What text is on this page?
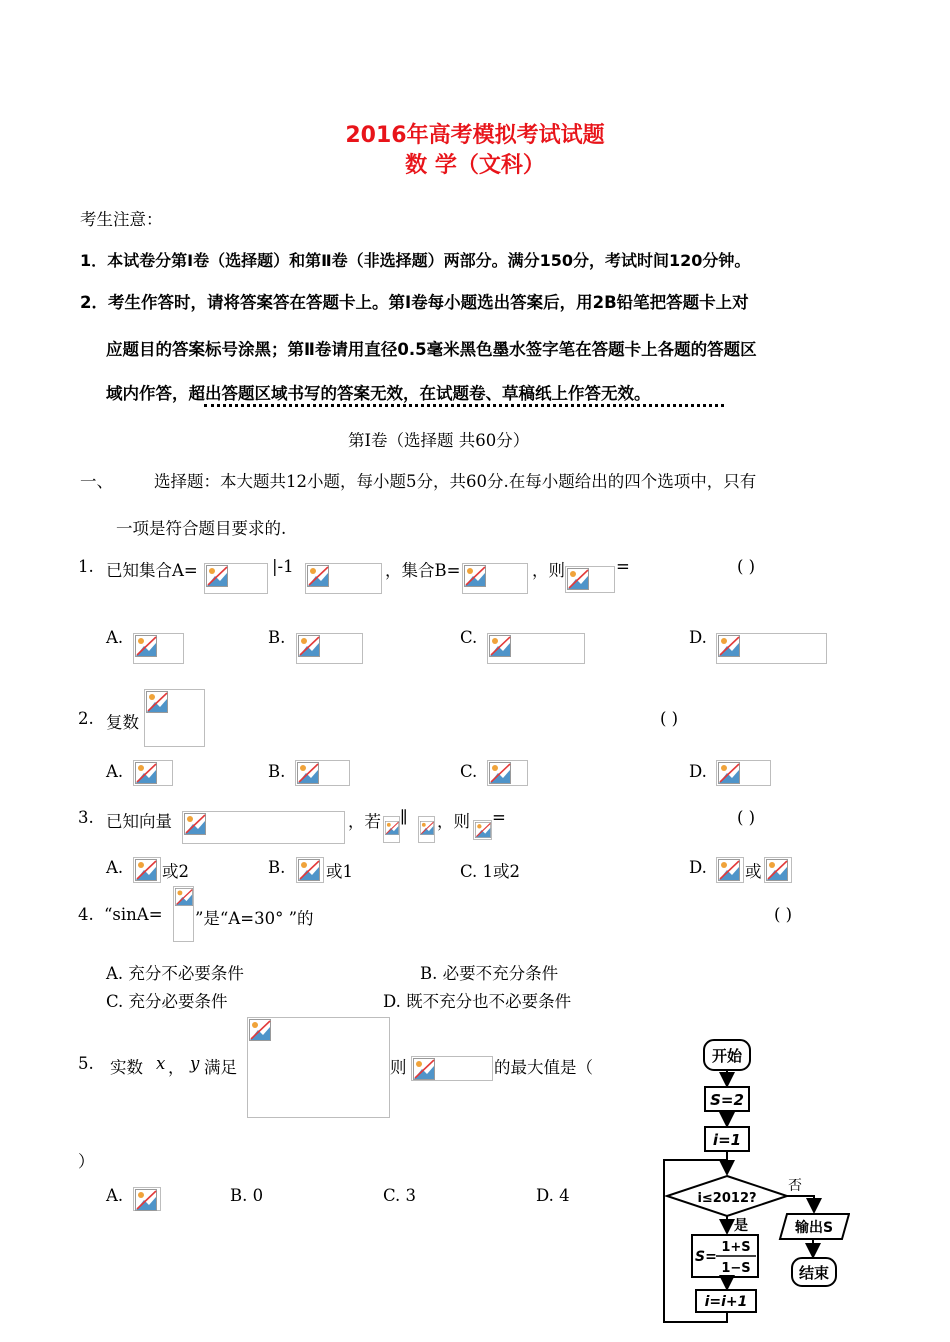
2016年高考模拟考试试题
数 学（文科）
考生注意：
1．本试卷分第Ⅰ卷（选择题）和第Ⅱ卷（非选择题）两部分。满分150分，考试时间120分钟。
2．考生作答时，请将答案答在答题卡上。第Ⅰ卷每小题选出答案后，用2B铅笔把答题卡上对
应题目的答案标号涂黑；第Ⅱ卷请用直径0.5毫米黑色墨水签字笔在答题卡上各题的答题区
域内作答，超出答题区域书写的答案无效，在试题卷、草稿纸上作答无效。
第Ⅰ卷（选择题 共60分）
一、 选择题：本大题共12小题，每小题5分，共60分.在每小题给出的四个选项中，只有
一项是符合题目要求的.
1. 已知集合A=	|-1	，集合B=	，则	=	( )
A.	B.	C.	D.
2. 复数	( )
A.	B.	C.	D.
3. 已知向量	，若 ∥ ，则 =	( )
A. 或2	B. 或1	C. 1或2	D. 或
4. “sinA= ”是“A=30° ”的	( )
A. 充分不必要条件	B. 必要不充分条件
C. 充分必要条件	D. 既不充分也不必要条件
5. 实数 x ， y 满足	则	的最大值是（
）
A.	B. 0	C. 3	D. 4
开始
S=2
i=1
i≤2012?
否
是	输出S
结束
S=
1+S
1−S
i=i+1
